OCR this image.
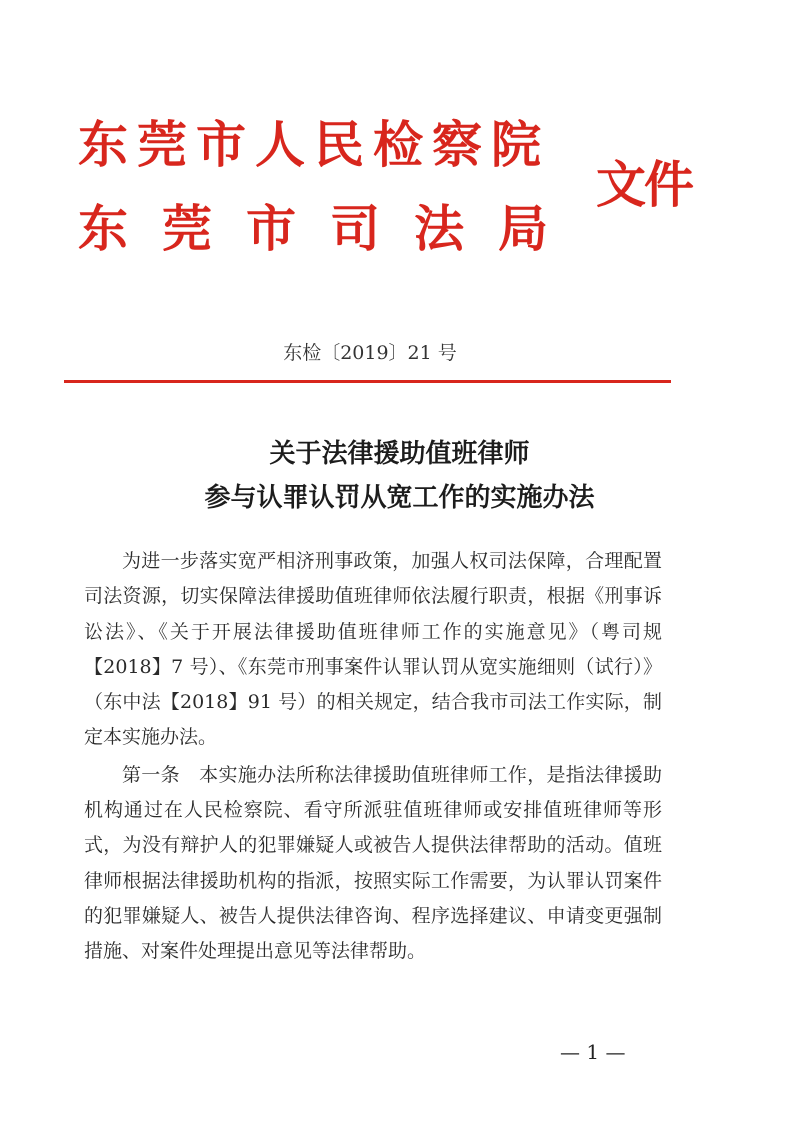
东莞市人民检察院
东莞市司法局
文件
东检〔2019〕21 号
关于法律援助值班律师
参与认罪认罚从宽工作的实施办法

为进一步落实宽严相济刑事政策，加强人权司法保障，合理配置司法资源，切实保障法律援助值班律师依法履行职责，根据《刑事诉讼法》、《关于开展法律援助值班律师工作的实施意见》（粤司规【2018】7 号）、《东莞市刑事案件认罪认罚从宽实施细则（试行）》（东中法【2018】91 号）的相关规定，结合我市司法工作实际，制定本实施办法。

第一条　本实施办法所称法律援助值班律师工作，是指法律援助机构通过在人民检察院、看守所派驻值班律师或安排值班律师等形式，为没有辩护人的犯罪嫌疑人或被告人提供法律帮助的活动。值班律师根据法律援助机构的指派，按照实际工作需要，为认罪认罚案件的犯罪嫌疑人、被告人提供法律咨询、程序选择建议、申请变更强制措施、对案件处理提出意见等法律帮助。

— 1 —
